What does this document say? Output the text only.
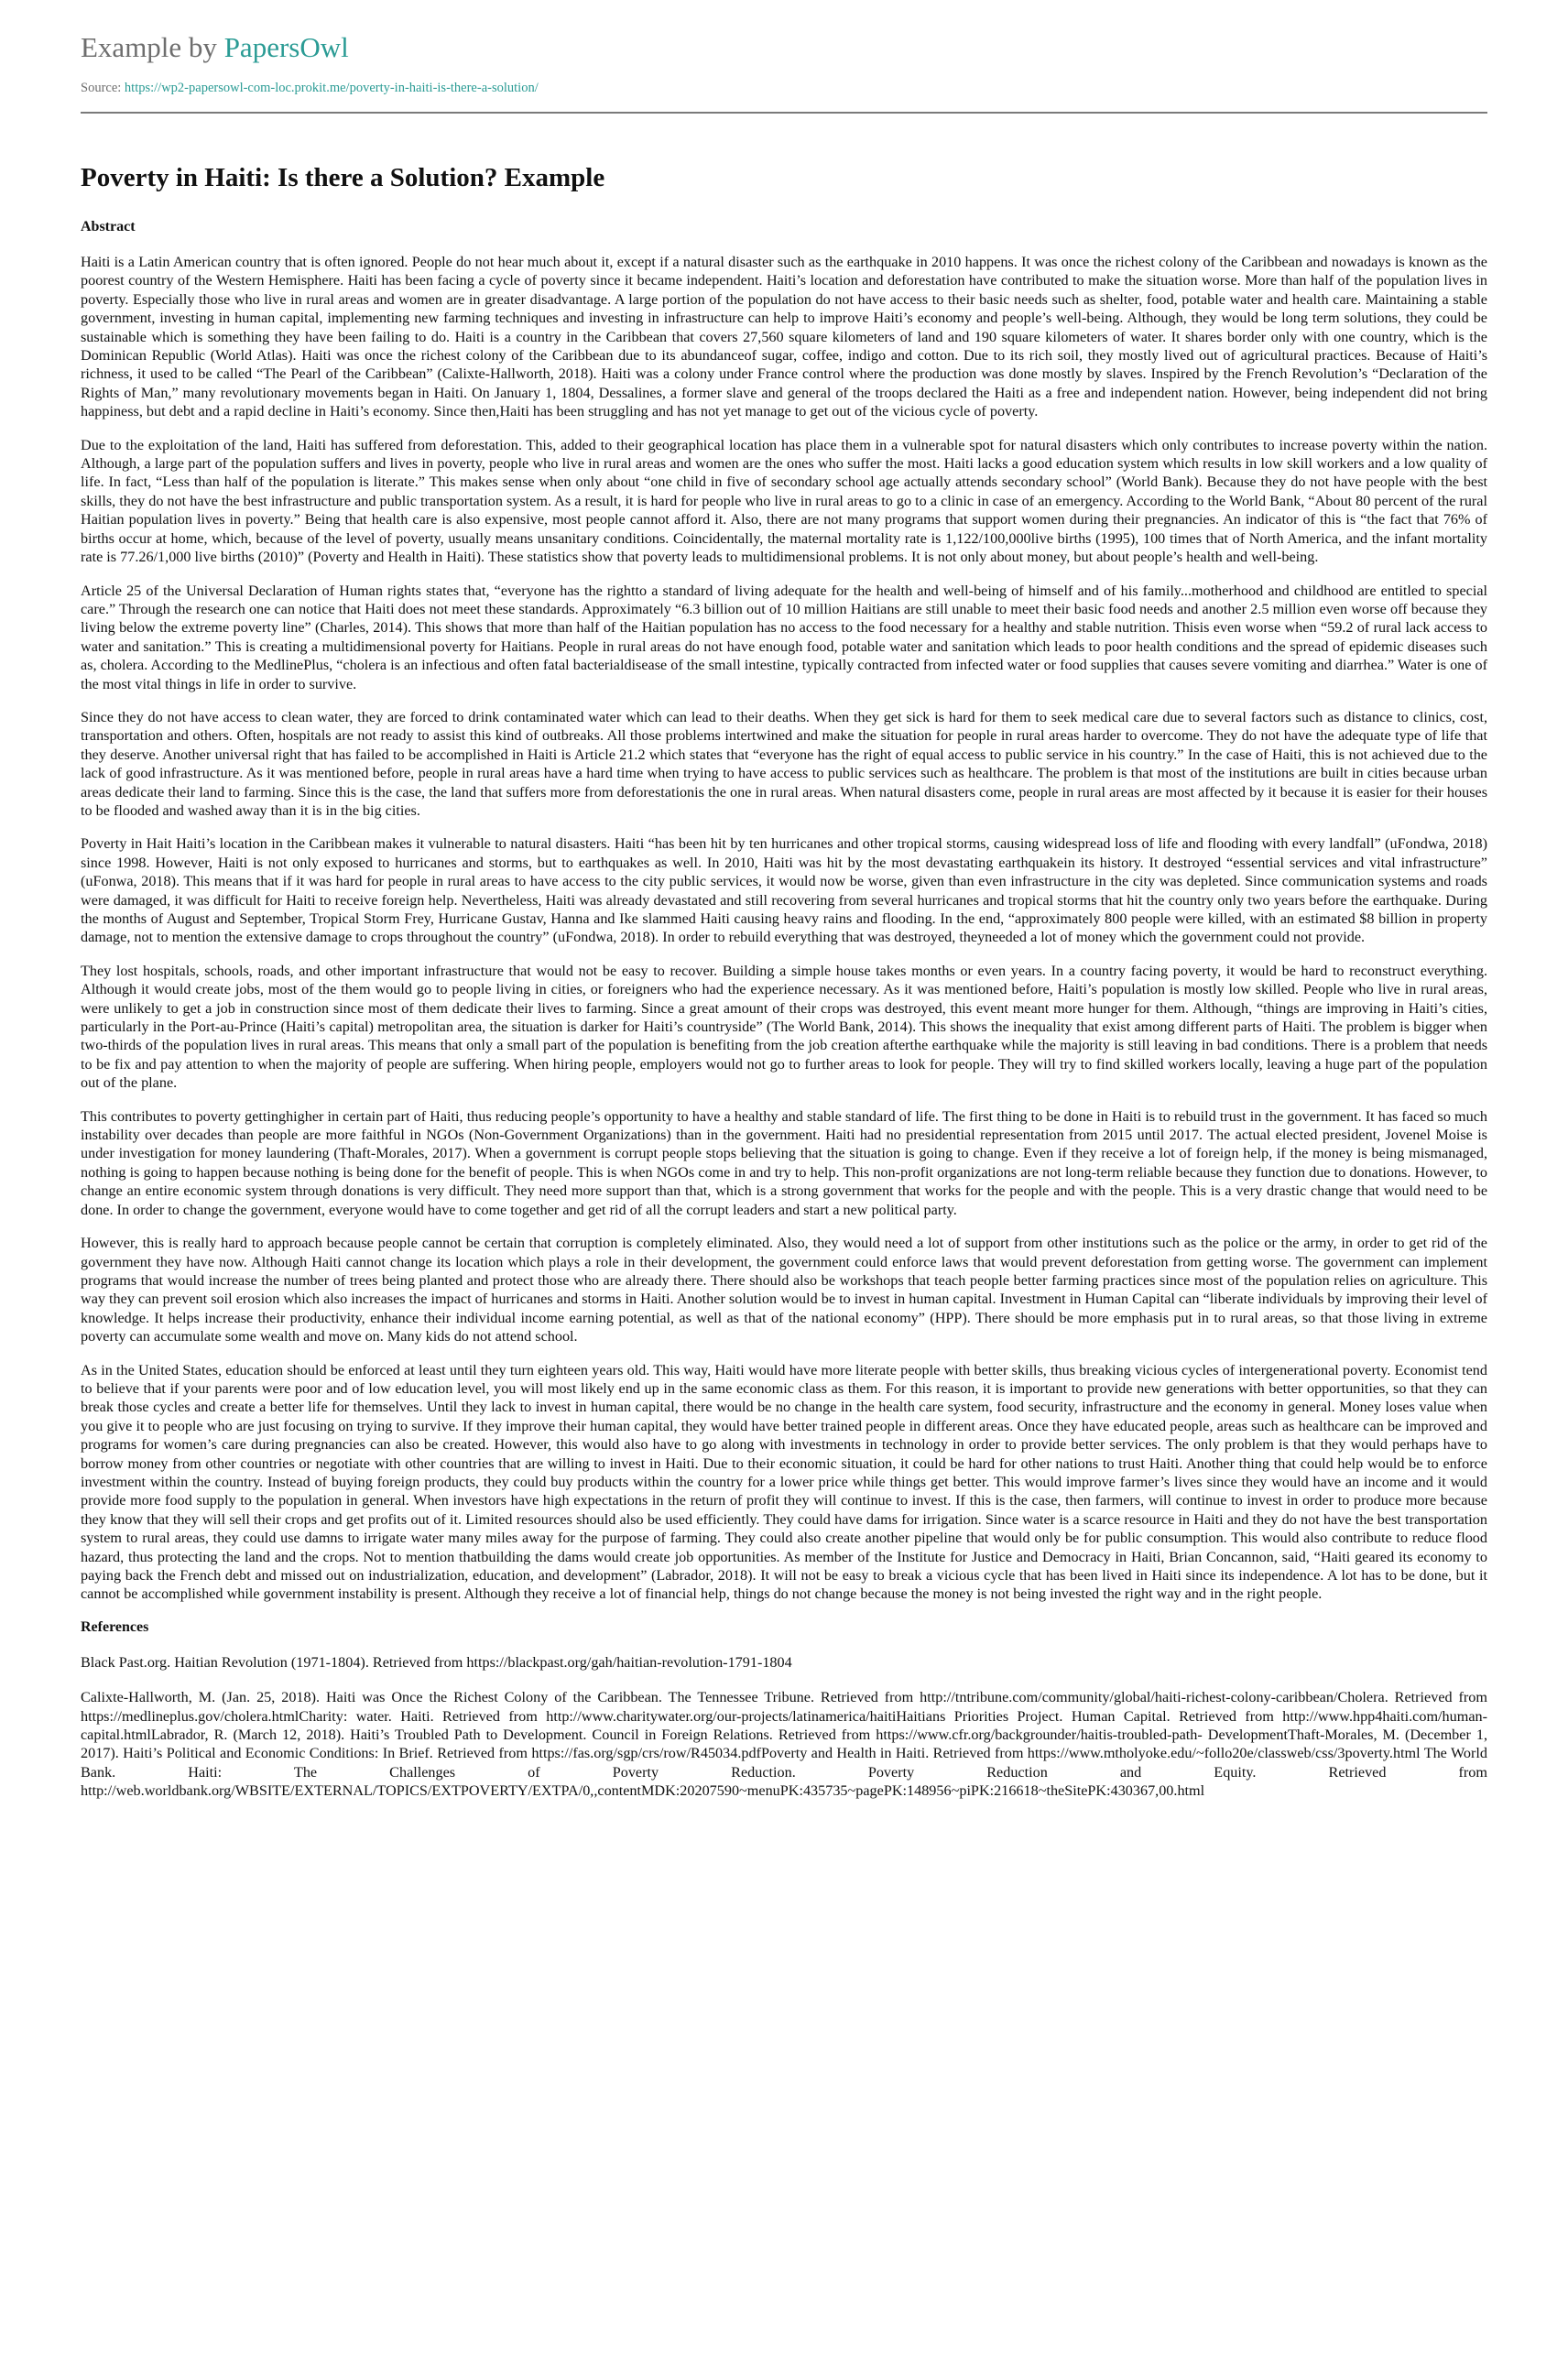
Example by PapersOwl
Source: https://wp2-papersowl-com-loc.prokit.me/poverty-in-haiti-is-there-a-solution/
Poverty in Haiti: Is there a Solution? Example
Abstract

Haiti is a Latin American country that is often ignored. People do not hear much about it, except if a natural disaster such as the earthquake in 2010 happens. It was once the richest colony of the Caribbean and nowadays is known as the poorest country of the Western Hemisphere. Haiti has been facing a cycle of poverty since it became independent. Haiti’s location and deforestation have contributed to make the situation worse. More than half of the population lives in poverty. Especially those who live in rural areas and women are in greater disadvantage. A large portion of the population do not have access to their basic needs such as shelter, food, potable water and health care. Maintaining a stable government, investing in human capital, implementing new farming techniques and investing in infrastructure can help to improve Haiti’s economy and people’s well-being. Although, they would be long term solutions, they could be sustainable which is something they have been failing to do. Haiti is a country in the Caribbean that covers 27,560 square kilometers of land and 190 square kilometers of water. It shares border only with one country, which is the Dominican Republic (World Atlas). Haiti was once the richest colony of the Caribbean due to its abundanceof sugar, coffee, indigo and cotton. Due to its rich soil, they mostly lived out of agricultural practices. Because of Haiti’s richness, it used to be called “The Pearl of the Caribbean” (Calixte-Hallworth, 2018). Haiti was a colony under France control where the production was done mostly by slaves. Inspired by the French Revolution’s “Declaration of the Rights of Man,” many revolutionary movements began in Haiti. On January 1, 1804, Dessalines, a former slave and general of the troops declared the Haiti as a free and independent nation. However, being independent did not bring happiness, but debt and a rapid decline in Haiti’s economy. Since then,Haiti has been struggling and has not yet manage to get out of the vicious cycle of poverty.

Due to the exploitation of the land, Haiti has suffered from deforestation. This, added to their geographical location has place them in a vulnerable spot for natural disasters which only contributes to increase poverty within the nation. Although, a large part of the population suffers and lives in poverty, people who live in rural areas and women are the ones who suffer the most. Haiti lacks a good education system which results in low skill workers and a low quality of life. In fact, “Less than half of the population is literate.” This makes sense when only about “one child in five of secondary school age actually attends secondary school” (World Bank). Because they do not have people with the best skills, they do not have the best infrastructure and public transportation system. As a result, it is hard for people who live in rural areas to go to a clinic in case of an emergency. According to the World Bank, “About 80 percent of the rural Haitian population lives in poverty.” Being that health care is also expensive, most people cannot afford it. Also, there are not many programs that support women during their pregnancies. An indicator of this is “the fact that 76% of births occur at home, which, because of the level of poverty, usually means unsanitary conditions. Coincidentally, the maternal mortality rate is 1,122/100,000live births (1995), 100 times that of North America, and the infant mortality rate is 77.26/1,000 live births (2010)” (Poverty and Health in Haiti). These statistics show that poverty leads to multidimensional problems. It is not only about money, but about people’s health and well-being.

Article 25 of the Universal Declaration of Human rights states that, “everyone has the rightto a standard of living adequate for the health and well-being of himself and of his family...motherhood and childhood are entitled to special care.” Through the research one can notice that Haiti does not meet these standards. Approximately “6.3 billion out of 10 million Haitians are still unable to meet their basic food needs and another 2.5 million even worse off because they living below the extreme poverty line” (Charles, 2014). This shows that more than half of the Haitian population has no access to the food necessary for a healthy and stable nutrition. Thisis even worse when “59.2 of rural lack access to water and sanitation.” This is creating a multidimensional poverty for Haitians. People in rural areas do not have enough food, potable water and sanitation which leads to poor health conditions and the spread of epidemic diseases such as, cholera. According to the MedlinePlus, “cholera is an infectious and often fatal bacterialdisease of the small intestine, typically contracted from infected water or food supplies that causes severe vomiting and diarrhea.” Water is one of the most vital things in life in order to survive.

Since they do not have access to clean water, they are forced to drink contaminated water which can lead to their deaths. When they get sick is hard for them to seek medical care due to several factors such as distance to clinics, cost, transportation and others. Often, hospitals are not ready to assist this kind of outbreaks. All those problems intertwined and make the situation for people in rural areas harder to overcome. They do not have the adequate type of life that they deserve. Another universal right that has failed to be accomplished in Haiti is Article 21.2 which states that “everyone has the right of equal access to public service in his country.” In the case of Haiti, this is not achieved due to the lack of good infrastructure. As it was mentioned before, people in rural areas have a hard time when trying to have access to public services such as healthcare. The problem is that most of the institutions are built in cities because urban areas dedicate their land to farming. Since this is the case, the land that suffers more from deforestationis the one in rural areas. When natural disasters come, people in rural areas are most affected by it because it is easier for their houses to be flooded and washed away than it is in the big cities.

Poverty in Hait Haiti’s location in the Caribbean makes it vulnerable to natural disasters. Haiti “has been hit by ten hurricanes and other tropical storms, causing widespread loss of life and flooding with every landfall” (uFondwa, 2018) since 1998. However, Haiti is not only exposed to hurricanes and storms, but to earthquakes as well. In 2010, Haiti was hit by the most devastating earthquakein its history. It destroyed “essential services and vital infrastructure” (uFonwa, 2018). This means that if it was hard for people in rural areas to have access to the city public services, it would now be worse, given than even infrastructure in the city was depleted. Since communication systems and roads were damaged, it was difficult for Haiti to receive foreign help. Nevertheless, Haiti was already devastated and still recovering from several hurricanes and tropical storms that hit the country only two years before the earthquake. During the months of August and September, Tropical Storm Frey, Hurricane Gustav, Hanna and Ike slammed Haiti causing heavy rains and flooding. In the end, “approximately 800 people were killed, with an estimated $8 billion in property damage, not to mention the extensive damage to crops throughout the country” (uFondwa, 2018). In order to rebuild everything that was destroyed, theyneeded a lot of money which the government could not provide.

They lost hospitals, schools, roads, and other important infrastructure that would not be easy to recover. Building a simple house takes months or even years. In a country facing poverty, it would be hard to reconstruct everything. Although it would create jobs, most of the them would go to people living in cities, or foreigners who had the experience necessary. As it was mentioned before, Haiti’s population is mostly low skilled. People who live in rural areas, were unlikely to get a job in construction since most of them dedicate their lives to farming. Since a great amount of their crops was destroyed, this event meant more hunger for them. Although, “things are improving in Haiti’s cities, particularly in the Port-au-Prince (Haiti’s capital) metropolitan area, the situation is darker for Haiti’s countryside” (The World Bank, 2014). This shows the inequality that exist among different parts of Haiti. The problem is bigger when two-thirds of the population lives in rural areas. This means that only a small part of the population is benefiting from the job creation afterthe earthquake while the majority is still leaving in bad conditions. There is a problem that needs to be fix and pay attention to when the majority of people are suffering. When hiring people, employers would not go to further areas to look for people. They will try to find skilled workers locally, leaving a huge part of the population out of the plane.

This contributes to poverty gettinghigher in certain part of Haiti, thus reducing people’s opportunity to have a healthy and stable standard of life. The first thing to be done in Haiti is to rebuild trust in the government. It has faced so much instability over decades than people are more faithful in NGOs (Non-Government Organizations) than in the government. Haiti had no presidential representation from 2015 until 2017. The actual elected president, Jovenel Moise is under investigation for money laundering (Thaft-Morales, 2017). When a government is corrupt people stops believing that the situation is going to change. Even if they receive a lot of foreign help, if the money is being mismanaged, nothing is going to happen because nothing is being done for the benefit of people. This is when NGOs come in and try to help. This non-profit organizations are not long-term reliable because they function due to donations. However, to change an entire economic system through donations is very difficult. They need more support than that, which is a strong government that works for the people and with the people. This is a very drastic change that would need to be done. In order to change the government, everyone would have to come together and get rid of all the corrupt leaders and start a new political party.

However, this is really hard to approach because people cannot be certain that corruption is completely eliminated. Also, they would need a lot of support from other institutions such as the police or the army, in order to get rid of the government they have now. Although Haiti cannot change its location which plays a role in their development, the government could enforce laws that would prevent deforestation from getting worse. The government can implement programs that would increase the number of trees being planted and protect those who are already there. There should also be workshops that teach people better farming practices since most of the population relies on agriculture. This way they can prevent soil erosion which also increases the impact of hurricanes and storms in Haiti. Another solution would be to invest in human capital. Investment in Human Capital can “liberate individuals by improving their level of knowledge. It helps increase their productivity, enhance their individual income earning potential, as well as that of the national economy” (HPP). There should be more emphasis put in to rural areas, so that those living in extreme poverty can accumulate some wealth and move on. Many kids do not attend school.

As in the United States, education should be enforced at least until they turn eighteen years old. This way, Haiti would have more literate people with better skills, thus breaking vicious cycles of intergenerational poverty. Economist tend to believe that if your parents were poor and of low education level, you will most likely end up in the same economic class as them. For this reason, it is important to provide new generations with better opportunities, so that they can break those cycles and create a better life for themselves. Until they lack to invest in human capital, there would be no change in the health care system, food security, infrastructure and the economy in general. Money loses value when you give it to people who are just focusing on trying to survive. If they improve their human capital, they would have better trained people in different areas. Once they have educated people, areas such as healthcare can be improved and programs for women’s care during pregnancies can also be created. However, this would also have to go along with investments in technology in order to provide better services. The only problem is that they would perhaps have to borrow money from other countries or negotiate with other countries that are willing to invest in Haiti. Due to their economic situation, it could be hard for other nations to trust Haiti. Another thing that could help would be to enforce investment within the country. Instead of buying foreign products, they could buy products within the country for a lower price while things get better. This would improve farmer’s lives since they would have an income and it would provide more food supply to the population in general. When investors have high expectations in the return of profit they will continue to invest. If this is the case, then farmers, will continue to invest in order to produce more because they know that they will sell their crops and get profits out of it. Limited resources should also be used efficiently. They could have dams for irrigation. Since water is a scarce resource in Haiti and they do not have the best transportation system to rural areas, they could use damns to irrigate water many miles away for the purpose of farming. They could also create another pipeline that would only be for public consumption. This would also contribute to reduce flood hazard, thus protecting the land and the crops. Not to mention thatbuilding the dams would create job opportunities. As member of the Institute for Justice and Democracy in Haiti, Brian Concannon, said, “Haiti geared its economy to paying back the French debt and missed out on industrialization, education, and development” (Labrador, 2018). It will not be easy to break a vicious cycle that has been lived in Haiti since its independence. A lot has to be done, but it cannot be accomplished while government instability is present. Although they receive a lot of financial help, things do not change because the money is not being invested the right way and in the right people.

References

Black Past.org. Haitian Revolution (1971-1804). Retrieved from https://blackpast.org/gah/haitian-revolution-1791-1804

Calixte-Hallworth, M. (Jan. 25, 2018). Haiti was Once the Richest Colony of the Caribbean. The Tennessee Tribune. Retrieved from http://tntribune.com/community/global/haiti-richest-colony-caribbean/Cholera. Retrieved from https://medlineplus.gov/cholera.htmlCharity: water. Haiti. Retrieved from http://www.charitywater.org/our-projects/latinamerica/haitiHaitians Priorities Project. Human Capital. Retrieved from http://www.hpp4haiti.com/human- capital.htmlLabrador, R. (March 12, 2018). Haiti’s Troubled Path to Development. Council in Foreign Relations. Retrieved from https://www.cfr.org/backgrounder/haitis-troubled-path- DevelopmentThaft-Morales, M. (December 1, 2017). Haiti’s Political and Economic Conditions: In Brief. Retrieved from https://fas.org/sgp/crs/row/R45034.pdfPoverty and Health in Haiti. Retrieved from https://www.mtholyoke.edu/~follo20e/classweb/css/3poverty.html The World Bank. Haiti: The Challenges of Poverty Reduction. Poverty Reduction and Equity. Retrieved from http://web.worldbank.org/WBSITE/EXTERNAL/TOPICS/EXTPOVERTY/EXTPA/0,,contentMDK:20207590~menuPK:435735~pagePK:148956~piPK:216618~theSitePK:430367,00.html
